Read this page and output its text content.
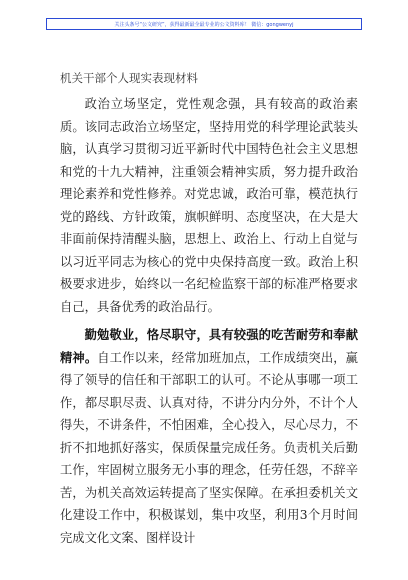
关注头条号“公文研究”，获得最新最全最专业的公文资料库！ 微信：gongwenyj
机关干部个人现实表现材料

政治立场坚定，党性观念强，具有较高的政治素质。该同志政治立场坚定，坚持用党的科学理论武装头脑，认真学习贯彻习近平新时代中国特色社会主义思想和党的十九大精神，注重领会精神实质，努力提升政治理论素养和党性修养。对党忠诚，政治可靠，模范执行党的路线、方针政策，旗帜鲜明、态度坚决，在大是大非面前保持清醒头脑，思想上、政治上、行动上自觉与以习近平同志为核心的党中央保持高度一致。政治上积极要求进步，始终以一名纪检监察干部的标准严格要求自己，具备优秀的政治品行。

勤勉敬业，恪尽职守，具有较强的吃苦耐劳和奉献精神。自工作以来，经常加班加点，工作成绩突出，赢得了领导的信任和干部职工的认可。不论从事哪一项工作，都尽职尽责、认真对待，不讲分内分外，不计个人得失，不讲条件，不怕困难，全心投入，尽心尽力，不折不扣地抓好落实，保质保量完成任务。负责机关后勤工作，牢固树立服务无小事的理念，任劳任怨，不辞辛苦，为机关高效运转提高了坚实保障。在承担委机关文化建设工作中，积极谋划，集中攻坚，利用3个月时间完成文化文案、图样设计
